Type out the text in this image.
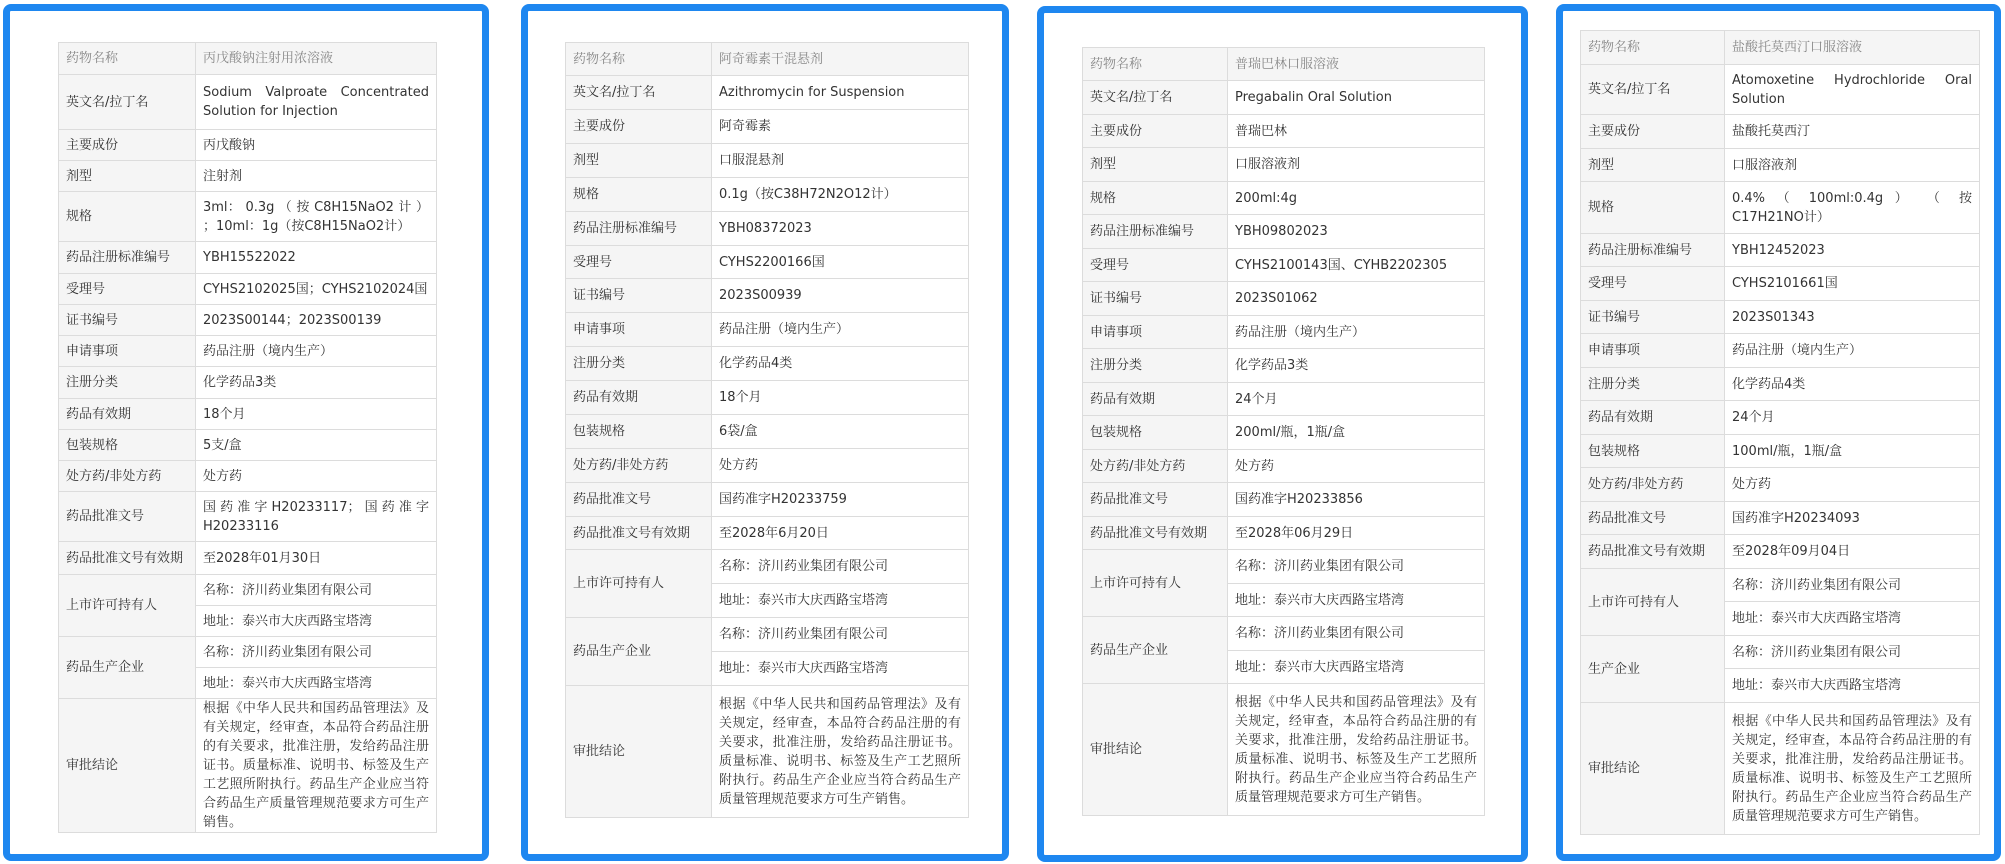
药物名称	丙戊酸钠注射用浓溶液
英文名/拉丁名	Sodium Valproate Concentrated Solution for Injection
主要成份	丙戊酸钠
剂型	注射剂
规格	3ml： 0.3g （ 按 C8H15NaO2 计 ） ；10ml：1g（按C8H15NaO2计）
药品注册标准编号	YBH15522022
受理号	CYHS2102025国；CYHS2102024国
证书编号	2023S00144；2023S00139
申请事项	药品注册（境内生产）
注册分类	化学药品3类
药品有效期	18个月
包装规格	5支/盒
处方药/非处方药	处方药
药品批准文号	国 药 准 字 H20233117； 国 药 准 字 H20233116
药品批准文号有效期	至2028年01月30日
上市许可持有人	名称：济川药业集团有限公司
	地址：泰兴市大庆西路宝塔湾
药品生产企业	名称：济川药业集团有限公司
	地址：泰兴市大庆西路宝塔湾
审批结论	根据《中华人民共和国药品管理法》及有关规定，经审查，本品符合药品注册的有关要求，批准注册，发给药品注册证书。质量标准、说明书、标签及生产工艺照所附执行。药品生产企业应当符合药品生产质量管理规范要求方可生产销售。
药物名称	阿奇霉素干混悬剂
英文名/拉丁名	Azithromycin for Suspension
主要成份	阿奇霉素
剂型	口服混悬剂
规格	0.1g（按C38H72N2O12计）
药品注册标准编号	YBH08372023
受理号	CYHS2200166国
证书编号	2023S00939
申请事项	药品注册（境内生产）
注册分类	化学药品4类
药品有效期	18个月
包装规格	6袋/盒
处方药/非处方药	处方药
药品批准文号	国药准字H20233759
药品批准文号有效期	至2028年6月20日
上市许可持有人	名称：济川药业集团有限公司
	地址：泰兴市大庆西路宝塔湾
药品生产企业	名称：济川药业集团有限公司
	地址：泰兴市大庆西路宝塔湾
审批结论	根据《中华人民共和国药品管理法》及有关规定，经审查，本品符合药品注册的有关要求，批准注册，发给药品注册证书。质量标准、说明书、标签及生产工艺照所附执行。药品生产企业应当符合药品生产质量管理规范要求方可生产销售。
药物名称	普瑞巴林口服溶液
英文名/拉丁名	Pregabalin Oral Solution
主要成份	普瑞巴林
剂型	口服溶液剂
规格	200ml:4g
药品注册标准编号	YBH09802023
受理号	CYHS2100143国、CYHB2202305
证书编号	2023S01062
申请事项	药品注册（境内生产）
注册分类	化学药品3类
药品有效期	24个月
包装规格	200ml/瓶，1瓶/盒
处方药/非处方药	处方药
药品批准文号	国药准字H20233856
药品批准文号有效期	至2028年06月29日
上市许可持有人	名称：济川药业集团有限公司
	地址：泰兴市大庆西路宝塔湾
药品生产企业	名称：济川药业集团有限公司
	地址：泰兴市大庆西路宝塔湾
审批结论	根据《中华人民共和国药品管理法》及有关规定，经审查，本品符合药品注册的有关要求，批准注册，发给药品注册证书。质量标准、说明书、标签及生产工艺照所附执行。药品生产企业应当符合药品生产质量管理规范要求方可生产销售。
药物名称	盐酸托莫西汀口服溶液
英文名/拉丁名	Atomoxetine Hydrochloride Oral Solution
主要成份	盐酸托莫西汀
剂型	口服溶液剂
规格	0.4% （ 100ml:0.4g ） （ 按 C17H21NO计）
药品注册标准编号	YBH12452023
受理号	CYHS2101661国
证书编号	2023S01343
申请事项	药品注册（境内生产）
注册分类	化学药品4类
药品有效期	24个月
包装规格	100ml/瓶，1瓶/盒
处方药/非处方药	处方药
药品批准文号	国药准字H20234093
药品批准文号有效期	至2028年09月04日
上市许可持有人	名称：济川药业集团有限公司
	地址：泰兴市大庆西路宝塔湾
生产企业	名称：济川药业集团有限公司
	地址：泰兴市大庆西路宝塔湾
审批结论	根据《中华人民共和国药品管理法》及有关规定，经审查，本品符合药品注册的有关要求，批准注册，发给药品注册证书。质量标准、说明书、标签及生产工艺照所附执行。药品生产企业应当符合药品生产质量管理规范要求方可生产销售。
